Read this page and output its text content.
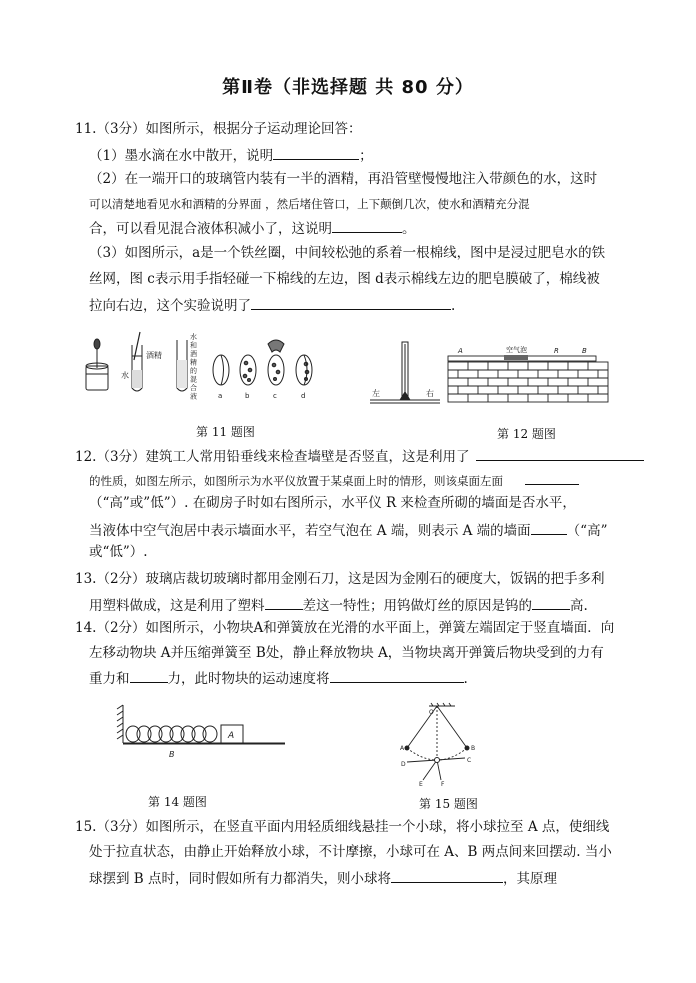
第Ⅱ卷（非选择题 共 80 分）
11.（3分）如图所示，根据分子运动理论回答：
（1）墨水滴在水中散开，说明	；
（2）在一端开口的玻璃管内装有一半的酒精，再沿管壁慢慢地注入带颜色的水，这时
可以清楚地看见水和酒精的分界面 ，然后堵住管口，上下颠倒几次，使水和酒精充分混
合，可以看见混合液体积减小了，这说明	。
（3）如图所示，a是一个铁丝圈，中间较松弛的系着一根棉线，图中是浸过肥皂水的铁
丝网，图 c表示用手指轻碰一下棉线的左边，图 d表示棉线左边的肥皂膜破了，棉线被
拉向右边，这个实验说明了	.
酒精
水
水
和
酒
精
的
混
合
液	a	b	c	d
第 11 题图
左	右
空气泡
A	R	B
第 12 题图
12.（3分）建筑工人常用铅垂线来检查墙壁是否竖直，这是利用了
的性质，如图左所示，如图所示为水平仪放置于某桌面上时的情形，则该桌面左面
（“高”或”低”）. 在砌房子时如右图所示，水平仪 R 来检查所砌的墙面是否水平，
当液体中空气泡居中表示墙面水平，若空气泡在 A 端，则表示 A 端的墙面	（“高”
或“低”）.
13.（2分）玻璃店裁切玻璃时都用金刚石刀，这是因为金刚石的硬度大，饭锅的把手多利
用塑料做成，这是利用了塑料	差这一特性；用钨做灯丝的原因是钨的	高.
14.（2分）如图所示，小物块A和弹簧放在光滑的水平面上，弹簧左端固定于竖直墙面．向
左移动物块 A并压缩弹簧至 B处，静止释放物块 A，当物块离开弹簧后物块受到的力有
重力和	力，此时物块的运动速度将	.
A
B
第 14 题图
O
A	B
C
D
E	F
第 15 题图
15.（3分）如图所示，在竖直平面内用轻质细线悬挂一个小球，将小球拉至 A 点，使细线
处于拉直状态，由静止开始释放小球，不计摩擦，小球可在 A、B 两点间来回摆动. 当小
球摆到 B 点时，同时假如所有力都消失，则小球将	，其原理
